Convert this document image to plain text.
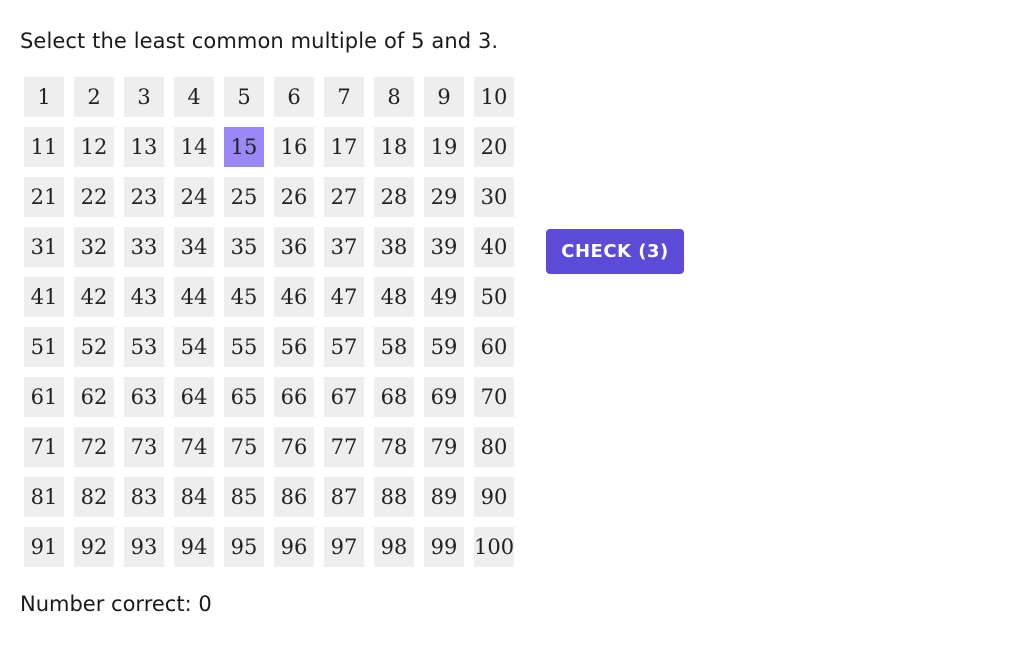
Select the least common multiple of 5 and 3.
1	2	3	4	5	6	7	8	9	10
11	12	13	14	15	16	17	18	19	20
21	22	23	24	25	26	27	28	29	30
31	32	33	34	35	36	37	38	39	40
41	42	43	44	45	46	47	48	49	50
51	52	53	54	55	56	57	58	59	60
61	62	63	64	65	66	67	68	69	70
71	72	73	74	75	76	77	78	79	80
81	82	83	84	85	86	87	88	89	90
91	92	93	94	95	96	97	98	99 100
CHECK (3)
Number correct: 0
